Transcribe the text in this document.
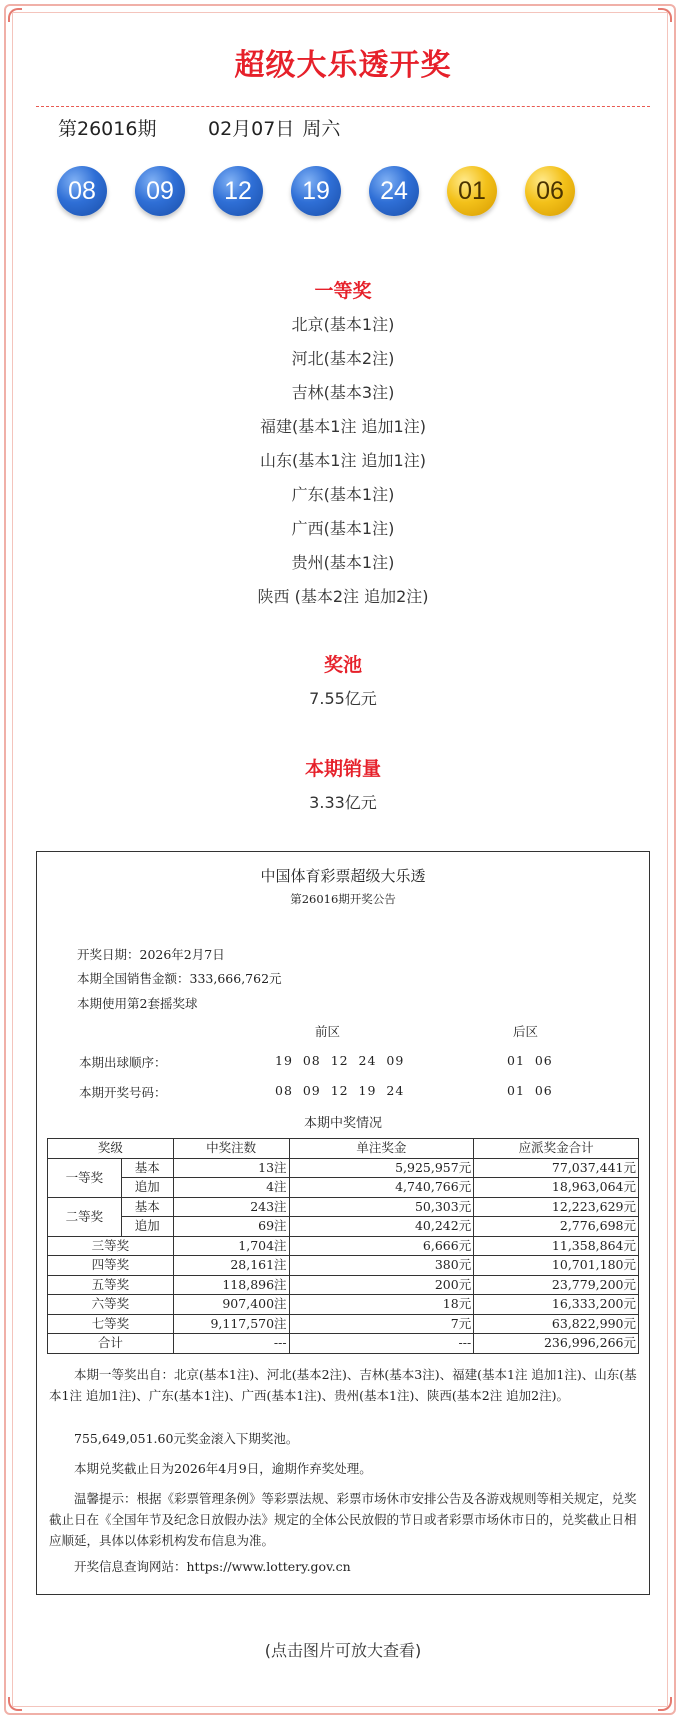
超级大乐透开奖
第26016期	02月07日 周六
08	09	12	19	24	01	06
一等奖
北京(基本1注)
河北(基本2注)
吉林(基本3注)
福建(基本1注 追加1注)
山东(基本1注 追加1注)
广东(基本1注)
广西(基本1注)
贵州(基本1注)
陕西 (基本2注 追加2注)
奖池
7.55亿元
本期销量
3.33亿元
中国体育彩票超级大乐透
第26016期开奖公告
开奖日期：2026年2月7日
本期全国销售金额：333,666,762元
本期使用第2套摇奖球
前区	后区
本期出球顺序：	19  08  12  24  09	01  06
本期开奖号码：	08  09  12  19  24	01  06
本期中奖情况
奖级		中奖注数	单注奖金	应派奖金合计
一等奖	基本	13注	5,925,957元	77,037,441元
	追加	4注	4,740,766元	18,963,064元
二等奖	基本	243注	50,303元	12,223,629元
	追加	69注	40,242元	2,776,698元
三等奖		1,704注	6,666元	11,358,864元
四等奖		28,161注	380元	10,701,180元
五等奖		118,896注	200元	23,779,200元
六等奖		907,400注	18元	16,333,200元
七等奖		9,117,570注	7元	63,822,990元
合计		---	---	236,996,266元
本期一等奖出自：北京(基本1注)、河北(基本2注)、吉林(基本3注)、福建(基本1注 追加1注)、山东(基本1注 追加1注)、广东(基本1注)、广西(基本1注)、贵州(基本1注)、陕西(基本2注 追加2注)。
755,649,051.60元奖金滚入下期奖池。
本期兑奖截止日为2026年4月9日，逾期作弃奖处理。
温馨提示：根据《彩票管理条例》等彩票法规、彩票市场休市安排公告及各游戏规则等相关规定，兑奖截止日在《全国年节及纪念日放假办法》规定的全体公民放假的节日或者彩票市场休市日的，兑奖截止日相应顺延，具体以体彩机构发布信息为准。
开奖信息查询网站：https://www.lottery.gov.cn
(点击图片可放大查看)
